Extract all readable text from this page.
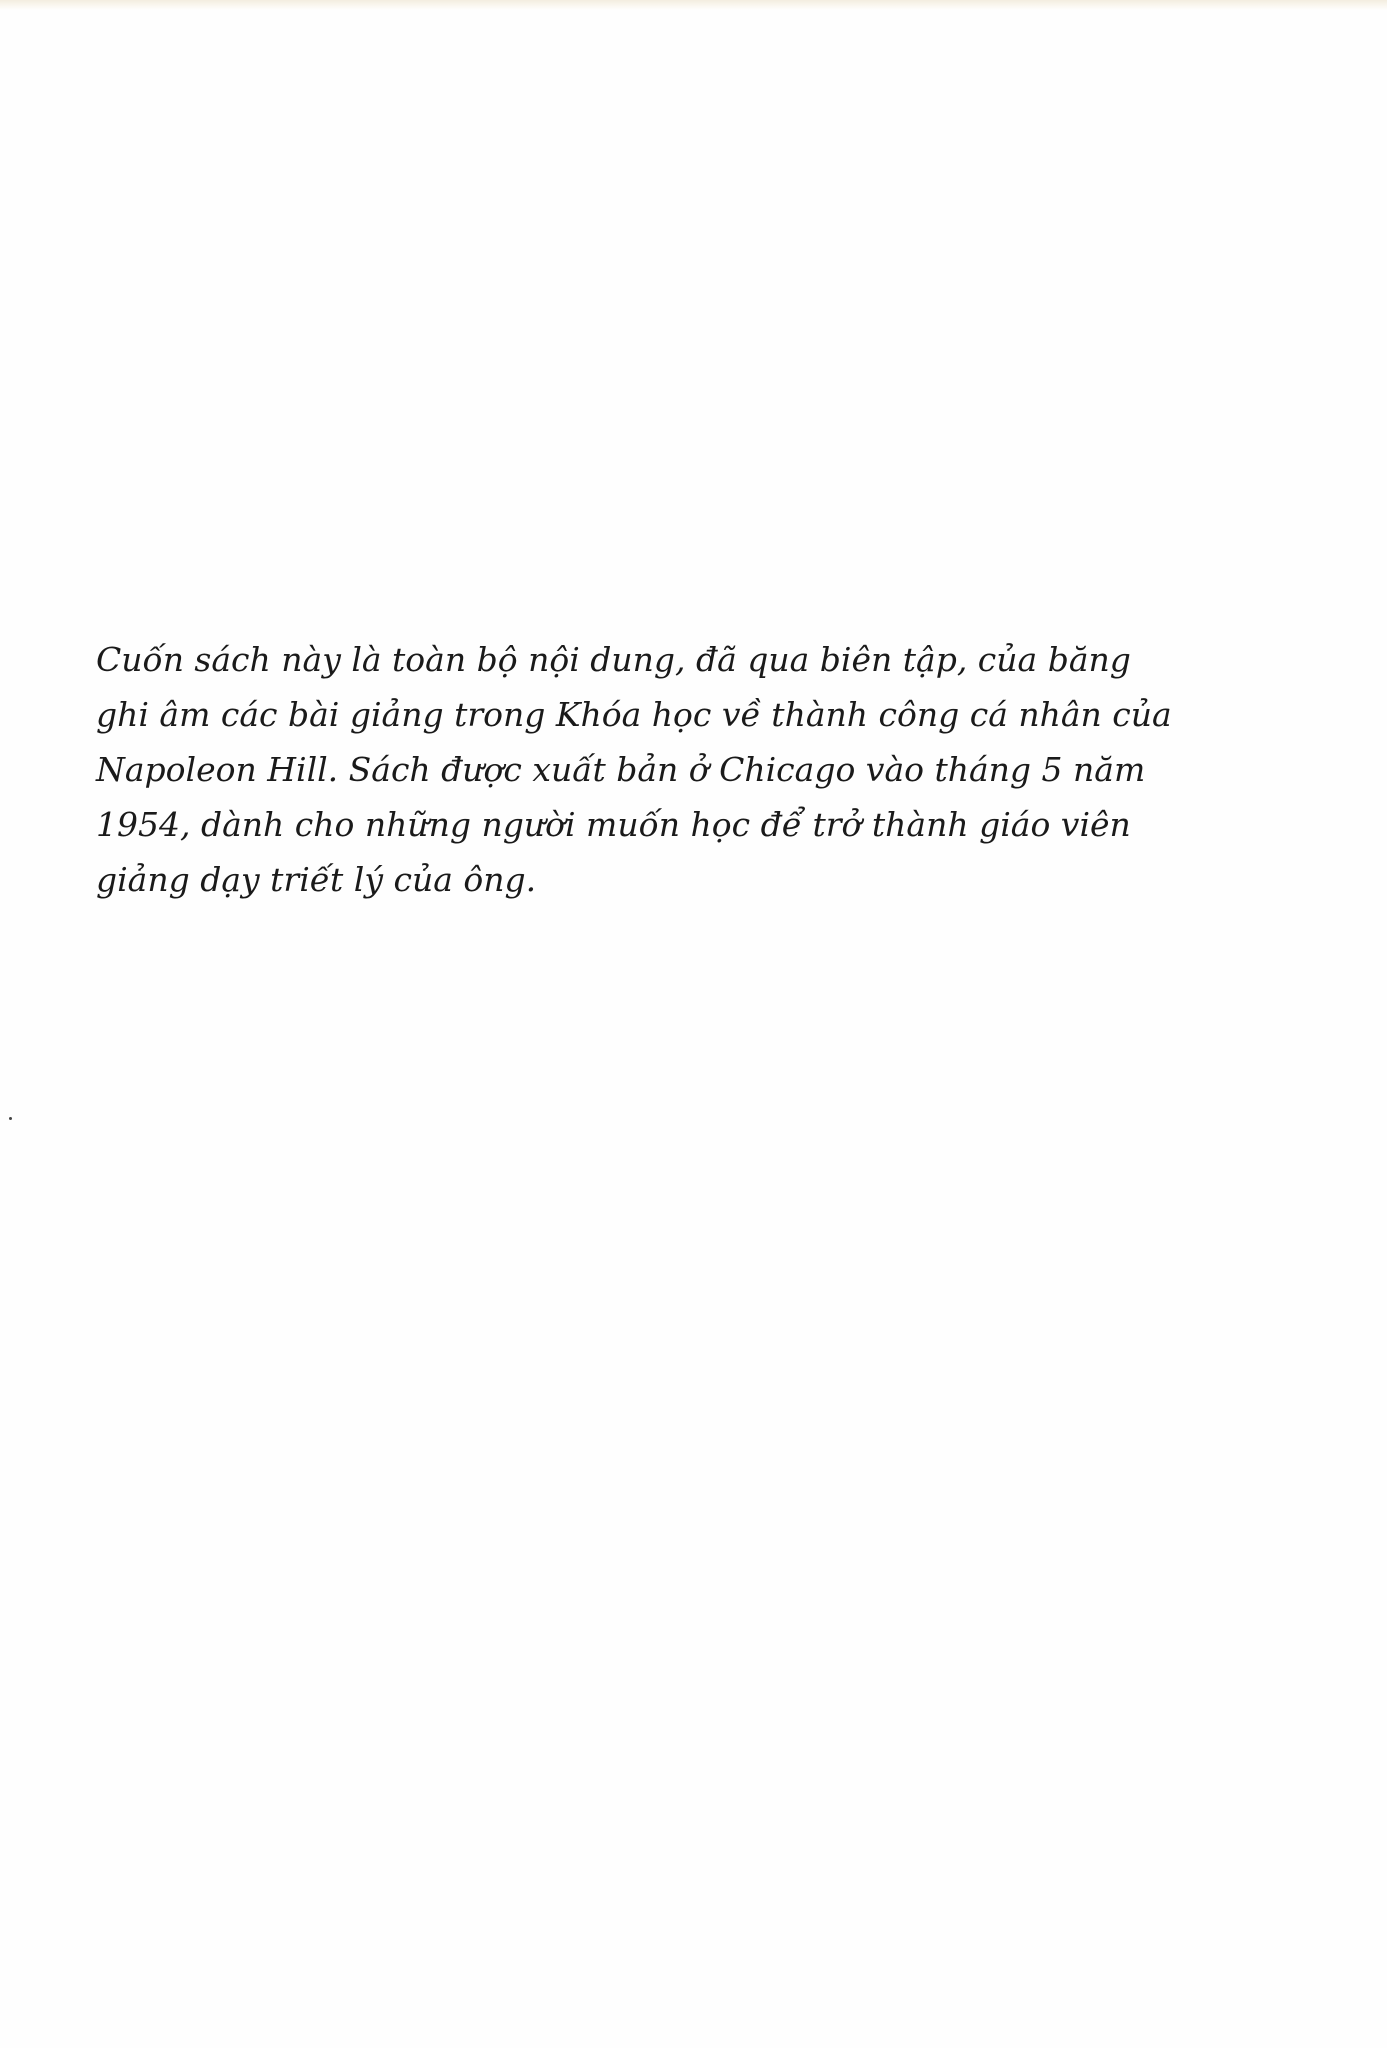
Cuốn sách này là toàn bộ nội dung, đã qua biên tập, của băng
ghi âm các bài giảng trong Khóa học về thành công cá nhân của
Napoleon Hill. Sách được xuất bản ở Chicago vào tháng 5 năm
1954, dành cho những người muốn học để trở thành giáo viên
giảng dạy triết lý của ông.
